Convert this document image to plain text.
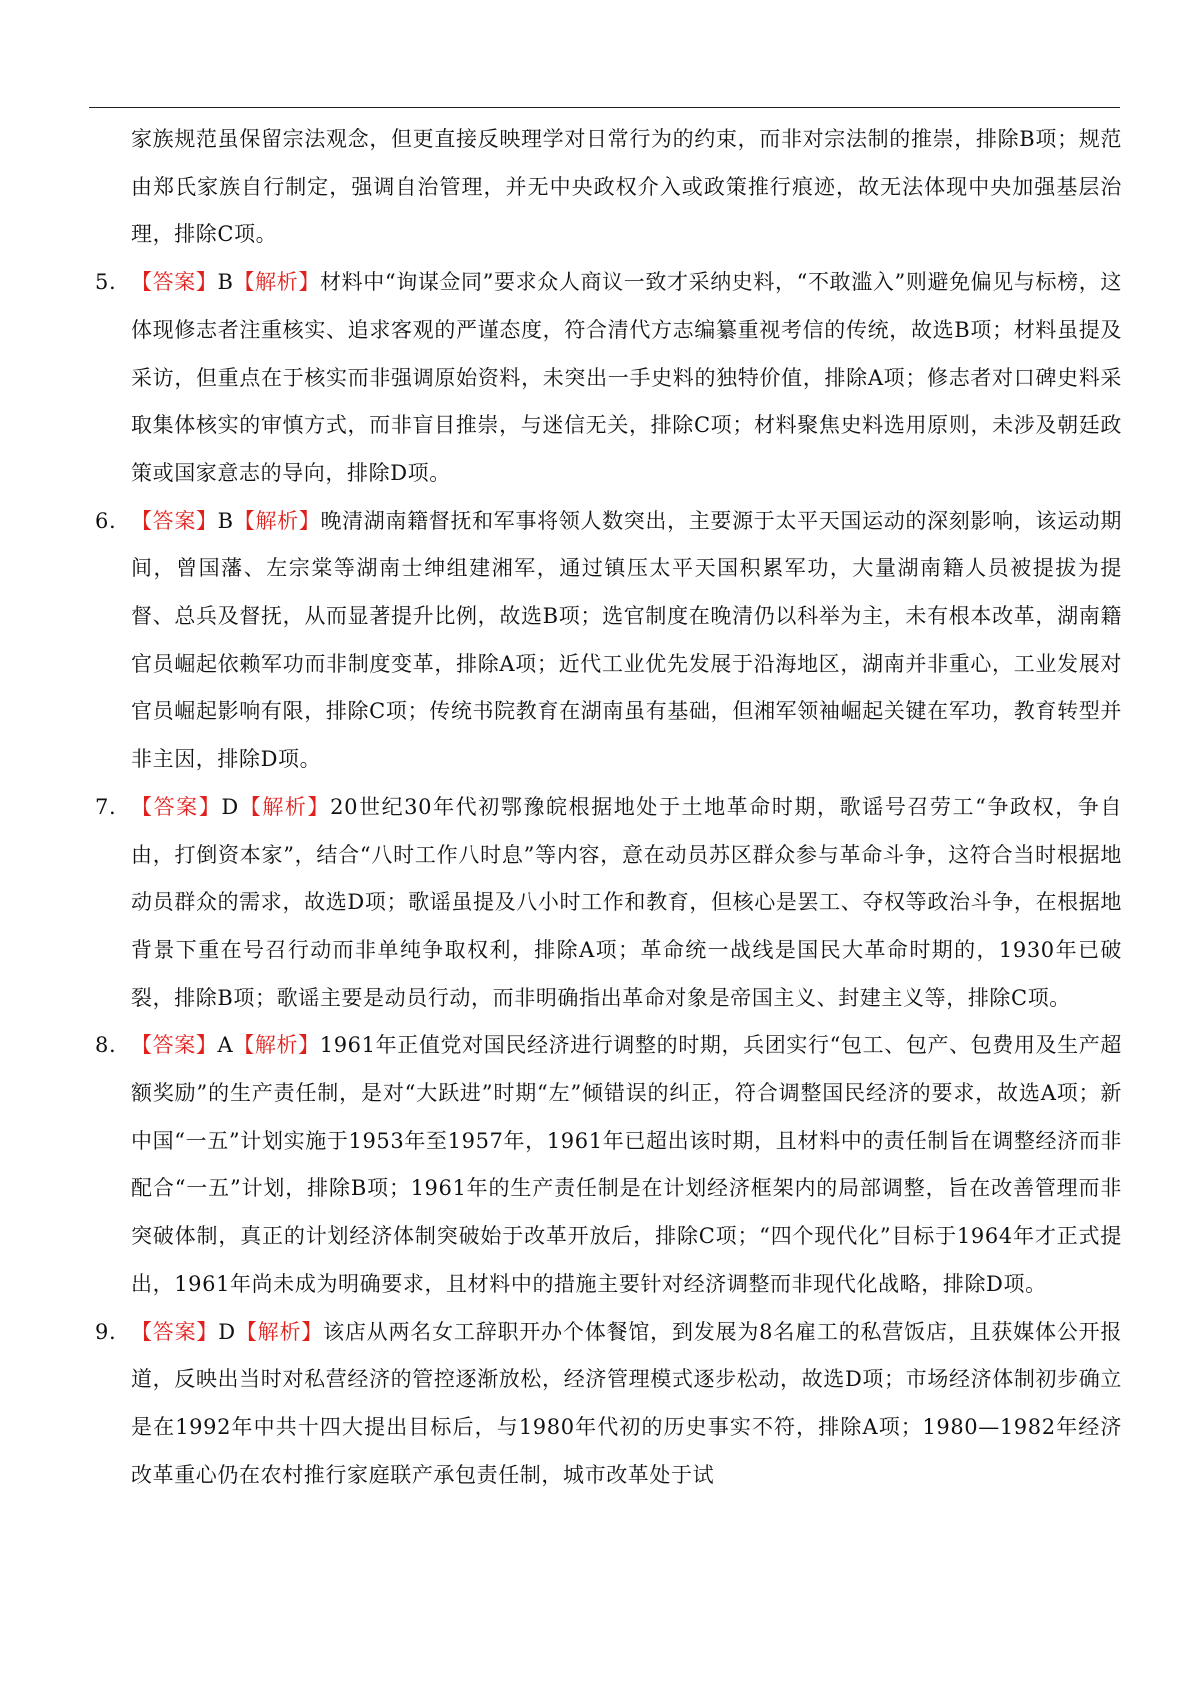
家族规范虽保留宗法观念，但更直接反映理学对日常行为的约束，而非对宗法制的推崇，排除B项；规范由郑氏家族自行制定，强调自治管理，并无中央政权介入或政策推行痕迹，故无法体现中央加强基层治理，排除C项。

5. 【答案】B【解析】材料中“询谋佥同”要求众人商议一致才采纳史料，“不敢滥入”则避免偏见与标榜，这体现修志者注重核实、追求客观的严谨态度，符合清代方志编纂重视考信的传统，故选B项；材料虽提及采访，但重点在于核实而非强调原始资料，未突出一手史料的独特价值，排除A项；修志者对口碑史料采取集体核实的审慎方式，而非盲目推崇，与迷信无关，排除C项；材料聚焦史料选用原则，未涉及朝廷政策或国家意志的导向，排除D项。

6. 【答案】B【解析】晚清湖南籍督抚和军事将领人数突出，主要源于太平天国运动的深刻影响，该运动期间，曾国藩、左宗棠等湖南士绅组建湘军，通过镇压太平天国积累军功，大量湖南籍人员被提拔为提督、总兵及督抚，从而显著提升比例，故选B项；选官制度在晚清仍以科举为主，未有根本改革，湖南籍官员崛起依赖军功而非制度变革，排除A项；近代工业优先发展于沿海地区，湖南并非重心，工业发展对官员崛起影响有限，排除C项；传统书院教育在湖南虽有基础，但湘军领袖崛起关键在军功，教育转型并非主因，排除D项。

7. 【答案】D【解析】20世纪30年代初鄂豫皖根据地处于土地革命时期，歌谣号召劳工“争政权，争自由，打倒资本家”，结合“八时工作八时息”等内容，意在动员苏区群众参与革命斗争，这符合当时根据地动员群众的需求，故选D项；歌谣虽提及八小时工作和教育，但核心是罢工、夺权等政治斗争，在根据地背景下重在号召行动而非单纯争取权利，排除A项；革命统一战线是国民大革命时期的，1930年已破裂，排除B项；歌谣主要是动员行动，而非明确指出革命对象是帝国主义、封建主义等，排除C项。

8. 【答案】A【解析】1961年正值党对国民经济进行调整的时期，兵团实行“包工、包产、包费用及生产超额奖励”的生产责任制，是对“大跃进”时期“左”倾错误的纠正，符合调整国民经济的要求，故选A项；新中国“一五”计划实施于1953年至1957年，1961年已超出该时期，且材料中的责任制旨在调整经济而非配合“一五”计划，排除B项；1961年的生产责任制是在计划经济框架内的局部调整，旨在改善管理而非突破体制，真正的计划经济体制突破始于改革开放后，排除C项；“四个现代化”目标于1964年才正式提出，1961年尚未成为明确要求，且材料中的措施主要针对经济调整而非现代化战略，排除D项。

9. 【答案】D【解析】该店从两名女工辞职开办个体餐馆，到发展为8名雇工的私营饭店，且获媒体公开报道，反映出当时对私营经济的管控逐渐放松，经济管理模式逐步松动，故选D项；市场经济体制初步确立是在1992年中共十四大提出目标后，与1980年代初的历史事实不符，排除A项；1980—1982年经济改革重心仍在农村推行家庭联产承包责任制，城市改革处于试
